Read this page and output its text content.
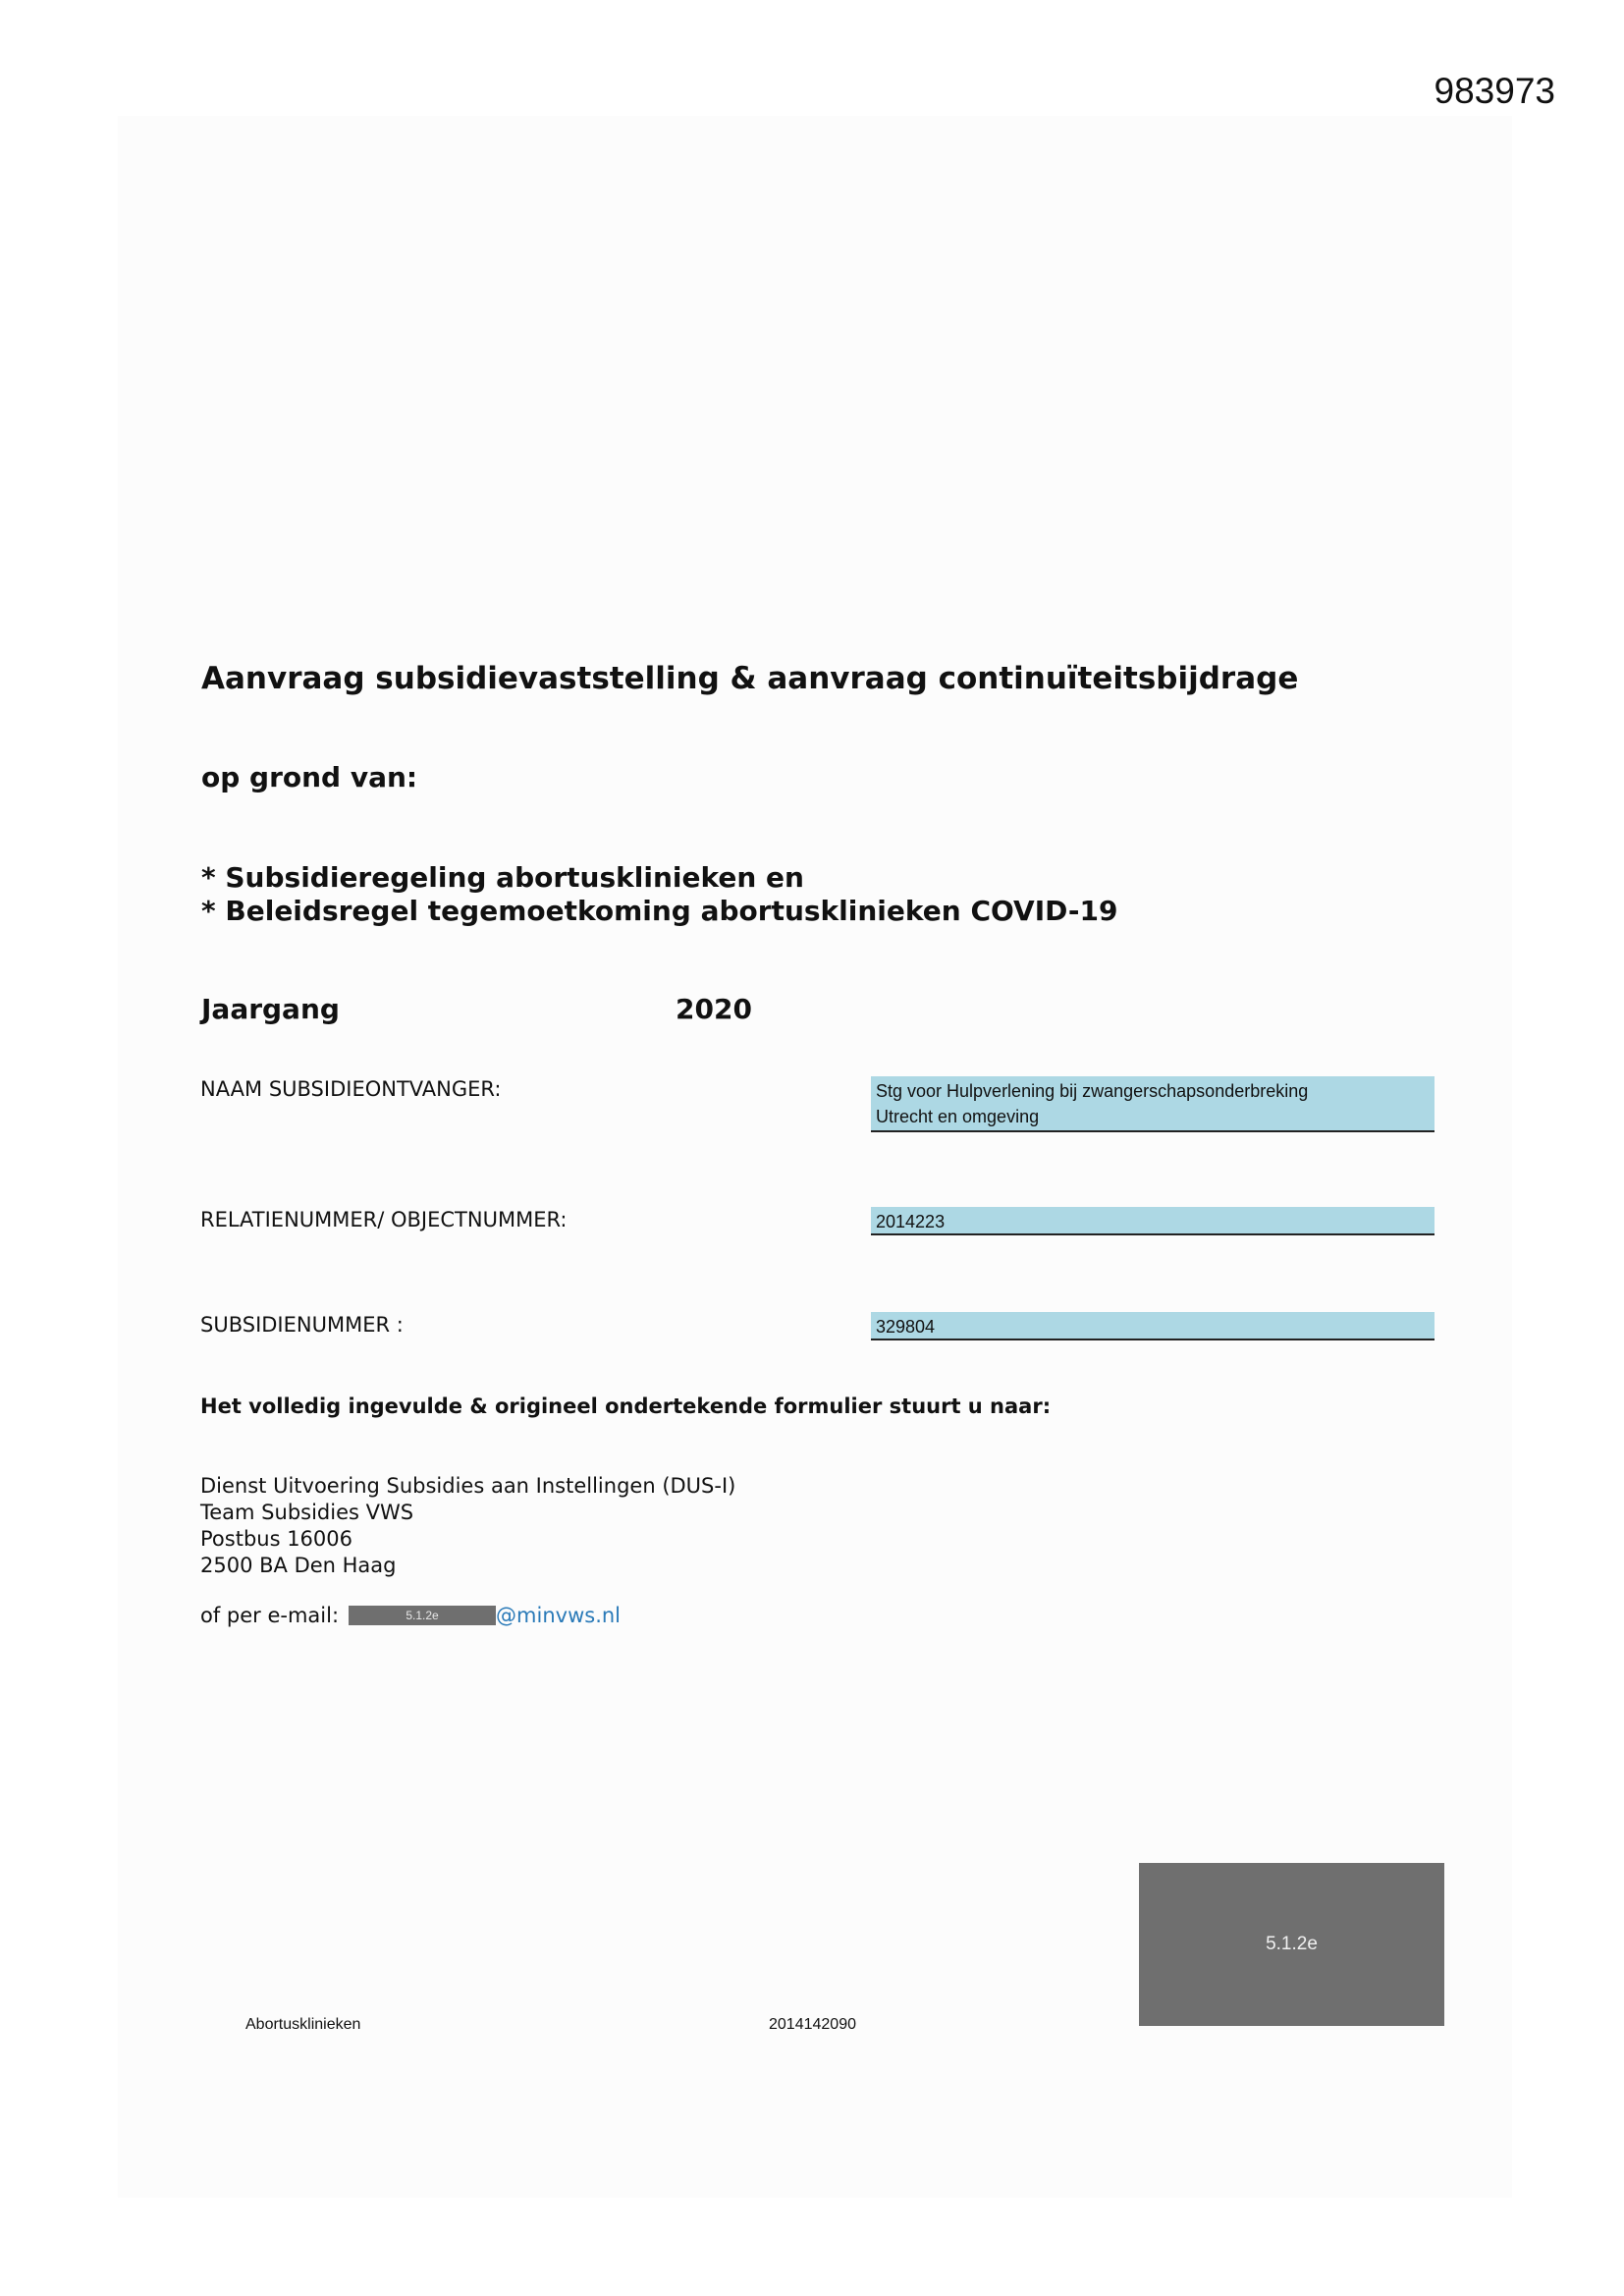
983973
Aanvraag subsidievaststelling & aanvraag continuïteitsbijdrage
op grond van:
* Subsidieregeling abortusklinieken en
* Beleidsregel tegemoetkoming abortusklinieken COVID-19
Jaargang	2020
NAAM SUBSIDIEONTVANGER:	Stg voor Hulpverlening bij zwangerschapsonderbreking
Utrecht en omgeving
RELATIENUMMER/ OBJECTNUMMER:	2014223
SUBSIDIENUMMER :	329804
Het volledig ingevulde & origineel ondertekende formulier stuurt u naar:
Dienst Uitvoering Subsidies aan Instellingen (DUS-I)
Team Subsidies VWS
Postbus 16006
2500 BA Den Haag
of per e-mail:	5.1.2e	@minvws.nl
5.1.2e
Abortusklinieken	2014142090
